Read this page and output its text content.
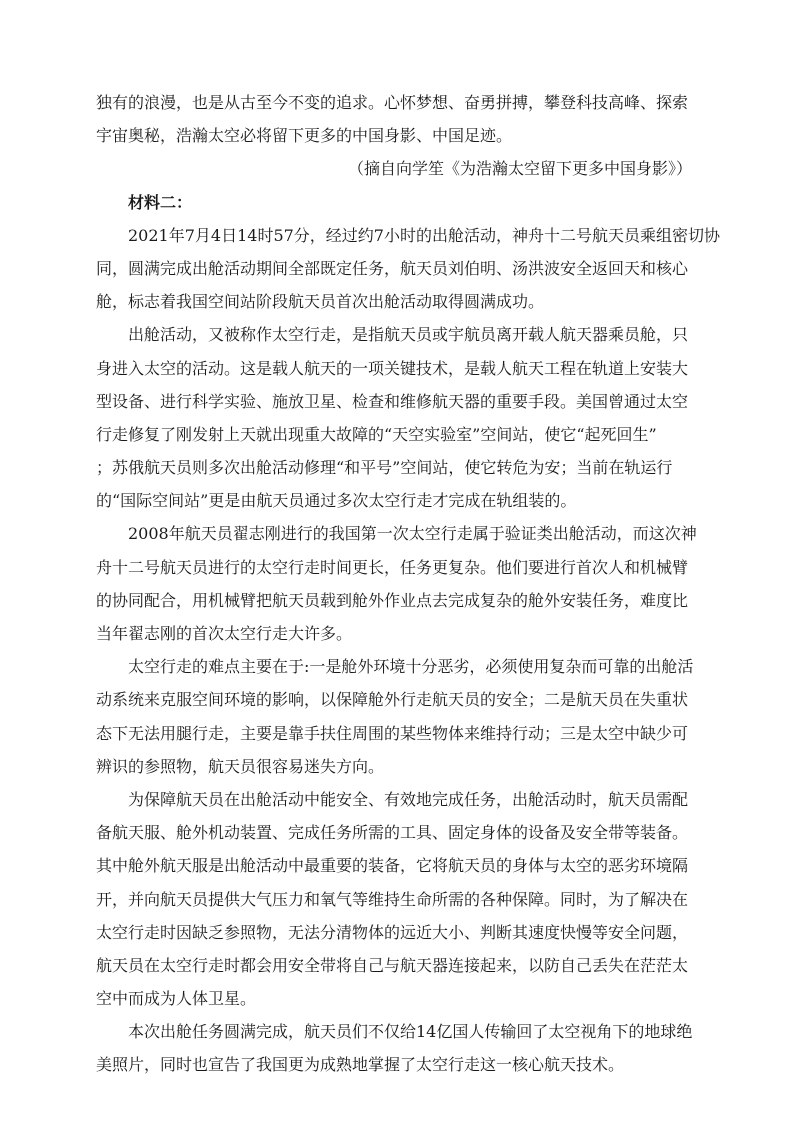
独有的浪漫，也是从古至今不变的追求。心怀梦想、奋勇拼搏，攀登科技高峰、探索
宇宙奥秘，浩瀚太空必将留下更多的中国身影、中国足迹。
（摘自向学笙《为浩瀚太空留下更多中国身影》）
材料二：
2021年7月4日14时57分，经过约7小时的出舱活动，神舟十二号航天员乘组密切协
同，圆满完成出舱活动期间全部既定任务，航天员刘伯明、汤洪波安全返回天和核心
舱，标志着我国空间站阶段航天员首次出舱活动取得圆满成功。
出舱活动，又被称作太空行走，是指航天员或宇航员离开载人航天器乘员舱，只
身进入太空的活动。这是载人航天的一项关键技术，是载人航天工程在轨道上安装大
型设备、进行科学实验、施放卫星、检查和维修航天器的重要手段。美国曾通过太空
行走修复了刚发射上天就出现重大故障的“天空实验室”空间站，使它“起死回生”
；苏俄航天员则多次出舱活动修理“和平号”空间站，使它转危为安；当前在轨运行
的“国际空间站”更是由航天员通过多次太空行走才完成在轨组装的。
2008年航天员翟志刚进行的我国第一次太空行走属于验证类出舱活动，而这次神
舟十二号航天员进行的太空行走时间更长，任务更复杂。他们要进行首次人和机械臂
的协同配合，用机械臂把航天员载到舱外作业点去完成复杂的舱外安装任务，难度比
当年翟志刚的首次太空行走大许多。
太空行走的难点主要在于:一是舱外环境十分恶劣，必须使用复杂而可靠的出舱活
动系统来克服空间环境的影响，以保障舱外行走航天员的安全；二是航天员在失重状
态下无法用腿行走，主要是靠手扶住周围的某些物体来维持行动；三是太空中缺少可
辨识的参照物，航天员很容易迷失方向。
为保障航天员在出舱活动中能安全、有效地完成任务，出舱活动时，航天员需配
备航天服、舱外机动装置、完成任务所需的工具、固定身体的设备及安全带等装备。
其中舱外航天服是出舱活动中最重要的装备，它将航天员的身体与太空的恶劣环境隔
开，并向航天员提供大气压力和氧气等维持生命所需的各种保障。同时，为了解决在
太空行走时因缺乏参照物，无法分清物体的远近大小、判断其速度快慢等安全问题，
航天员在太空行走时都会用安全带将自己与航天器连接起来，以防自己丢失在茫茫太
空中而成为人体卫星。
本次出舱任务圆满完成，航天员们不仅给14亿国人传输回了太空视角下的地球绝
美照片，同时也宣告了我国更为成熟地掌握了太空行走这一核心航天技术。
